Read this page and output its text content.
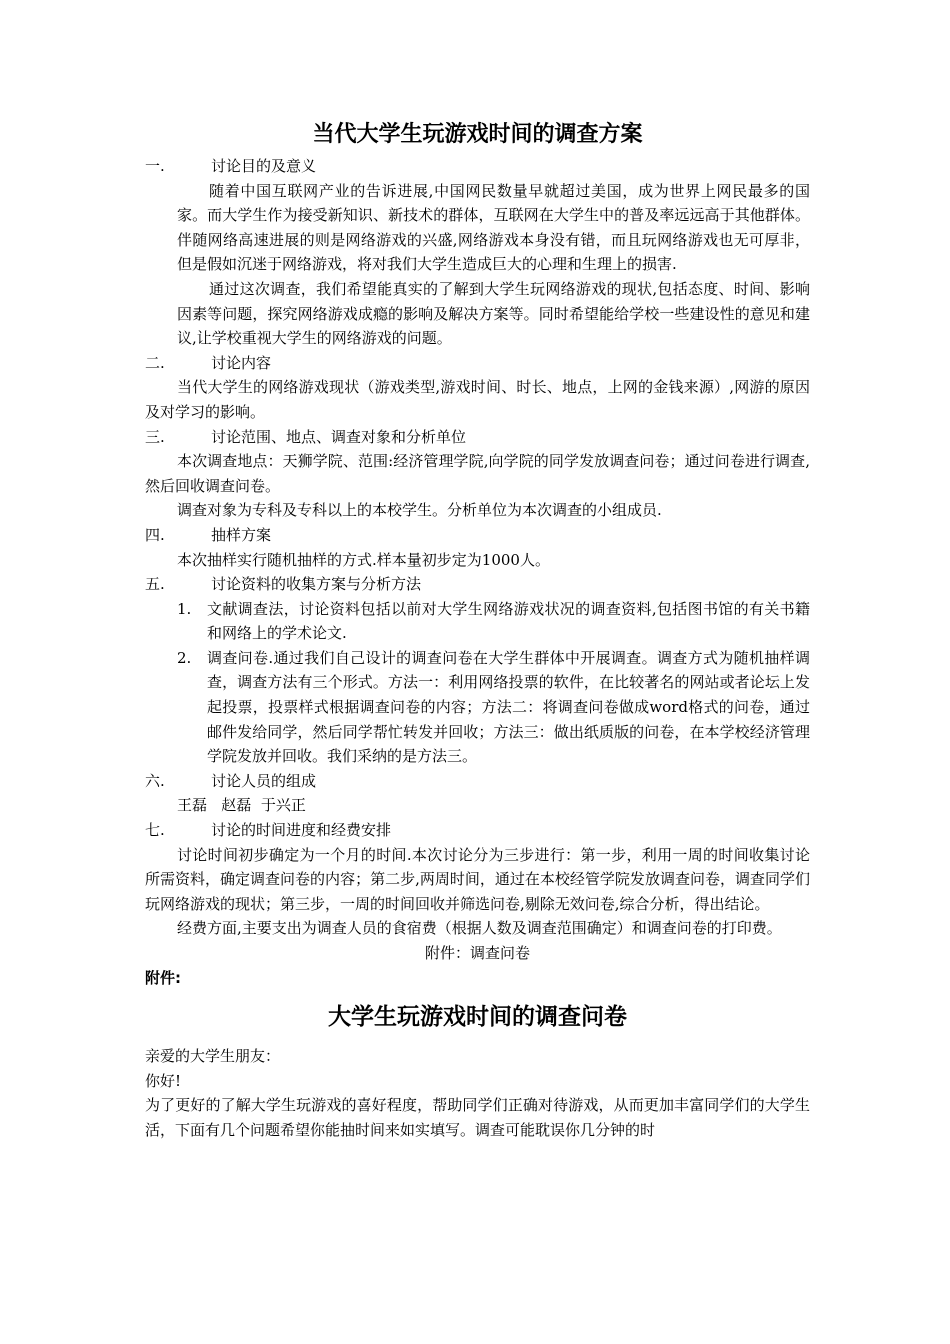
当代大学生玩游戏时间的调查方案
一.	讨论目的及意义

随着中国互联网产业的告诉进展,中国网民数量早就超过美国，成为世界上网民最多的国家。而大学生作为接受新知识、新技术的群体，互联网在大学生中的普及率远远高于其他群体。伴随网络高速进展的则是网络游戏的兴盛,网络游戏本身没有错，而且玩网络游戏也无可厚非，但是假如沉迷于网络游戏，将对我们大学生造成巨大的心理和生理上的损害.

通过这次调查，我们希望能真实的了解到大学生玩网络游戏的现状,包括态度、时间、影响因素等问题，探究网络游戏成瘾的影响及解决方案等。同时希望能给学校一些建设性的意见和建议,让学校重视大学生的网络游戏的问题。

二.	讨论内容

当代大学生的网络游戏现状（游戏类型,游戏时间、时长、地点，上网的金钱来源）,网游的原因及对学习的影响。

三.	讨论范围、地点、调查对象和分析单位

本次调查地点：天狮学院、范围:经济管理学院,向学院的同学发放调查问卷；通过问卷进行调查,然后回收调查问卷。

调查对象为专科及专科以上的本校学生。分析单位为本次调查的小组成员.

四.	抽样方案

本次抽样实行随机抽样的方式.样本量初步定为1000人。

五.	讨论资料的收集方案与分析方法
1.	文献调查法，讨论资料包括以前对大学生网络游戏状况的调查资料,包括图书馆的有关书籍和网络上的学术论文.
2.	调查问卷.通过我们自己设计的调查问卷在大学生群体中开展调查。调查方式为随机抽样调查，调查方法有三个形式。方法一：利用网络投票的软件，在比较著名的网站或者论坛上发起投票，投票样式根据调查问卷的内容；方法二：将调查问卷做成word格式的问卷，通过邮件发给同学，然后同学帮忙转发并回收；方法三：做出纸质版的问卷，在本学校经济管理学院发放并回收。我们采纳的是方法三。
六.	讨论人员的组成

王磊   赵磊  于兴正

七.	讨论的时间进度和经费安排

讨论时间初步确定为一个月的时间.本次讨论分为三步进行：第一步，利用一周的时间收集讨论所需资料，确定调查问卷的内容；第二步,两周时间，通过在本校经管学院发放调查问卷，调查同学们玩网络游戏的现状；第三步，一周的时间回收并筛选问卷,剔除无效问卷,综合分析，得出结论。

经费方面,主要支出为调查人员的食宿费（根据人数及调查范围确定）和调查问卷的打印费。

附件：调查问卷

附件:

大学生玩游戏时间的调查问卷

亲爱的大学生朋友：

你好!

为了更好的了解大学生玩游戏的喜好程度，帮助同学们正确对待游戏，从而更加丰富同学们的大学生活，下面有几个问题希望你能抽时间来如实填写。调查可能耽误你几分钟的时
